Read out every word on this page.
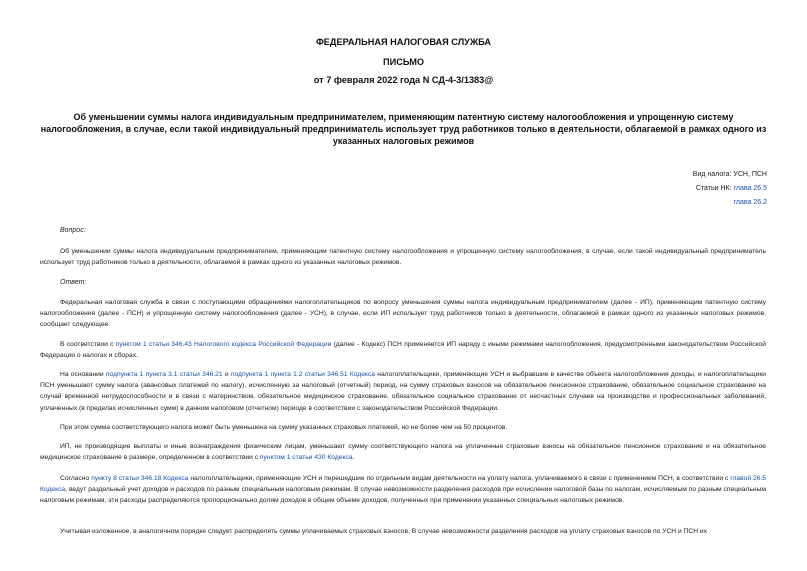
ФЕДЕРАЛЬНАЯ НАЛОГОВАЯ СЛУЖБА
ПИСЬМО
от 7 февраля 2022 года N СД-4-3/1383@
Об уменьшении суммы налога индивидуальным предпринимателем, применяющим патентную систему налогообложения и упрощенную систему налогообложения, в случае, если такой индивидуальный предприниматель использует труд работников только в деятельности, облагаемой в рамках одного из указанных налоговых режимов
Вид налога: УСН, ПСН
Статьи НК: глава 26.5
глава 26.2
Вопрос:
Об уменьшении суммы налога индивидуальным предпринимателем, применяющим патентную систему налогообложения и упрощенную систему налогообложения, в случае, если такой индивидуальный предприниматель использует труд работников только в деятельности, облагаемой в рамках одного из указанных налоговых режимов.
Ответ:
Федеральная налоговая служба в связи с поступающими обращениями налогоплательщиков по вопросу уменьшения суммы налога индивидуальным предпринимателем (далее - ИП), применяющим патентную систему налогообложения (далее - ПСН) и упрощенную систему налогообложения (далее - УСН), в случае, если ИП использует труд работников только в деятельности, облагаемой в рамках одного из указанных налоговых режимов, сообщает следующее.
В соответствии с пунктом 1 статьи 346.43 Налогового кодекса Российской Федерации (далее - Кодекс) ПСН применяется ИП наряду с иными режимами налогообложения, предусмотренными законодательством Российской Федерации о налогах и сборах.
На основании подпункта 1 пункта 3.1 статьи 346.21 и подпункта 1 пункта 1.2 статьи 346.51 Кодекса налогоплательщики, применяющие УСН и выбравшие в качестве объекта налогообложения доходы, и налогоплательщики ПСН уменьшают сумму налога (авансовых платежей по налогу), исчисленную за налоговый (отчетный) период, на сумму страховых взносов на обязательное пенсионное страхование, обязательное социальное страхование на случай временной нетрудоспособности и в связи с материнством, обязательное медицинское страхование, обязательное социальное страхование от несчастных случаев на производстве и профессиональных заболеваний, уплаченных (в пределах исчисленных сумм) в данном налоговом (отчетном) периоде в соответствии с законодательством Российской Федерации.
При этом сумма соответствующего налога может быть уменьшена на сумму указанных страховых платежей, но не более чем на 50 процентов.
ИП, не производящие выплаты и иные вознаграждения физическим лицам, уменьшают сумму соответствующего налога на уплаченные страховые взносы на обязательное пенсионное страхование и на обязательное медицинское страхование в размере, определенном в соответствии с пунктом 1 статьи 430 Кодекса.
Согласно пункту 8 статьи 346.18 Кодекса налогоплательщики, применяющие УСН и перешедшие по отдельным видам деятельности на уплату налога, уплачиваемого в связи с применением ПСН, в соответствии с главой 26.5 Кодекса, ведут раздельный учет доходов и расходов по разным специальным налоговым режимам. В случае невозможности разделения расходов при исчислении налоговой базы по налогам, исчисляемым по разным специальным налоговым режимам, эти расходы распределяются пропорционально долям доходов в общем объеме доходов, полученных при применении указанных специальных налоговых режимов.
Учитывая изложенное, в аналогичном порядке следует распределять суммы уплачиваемых страховых взносов. В случае невозможности разделения расходов на уплату страховых взносов по УСН и ПСН их
